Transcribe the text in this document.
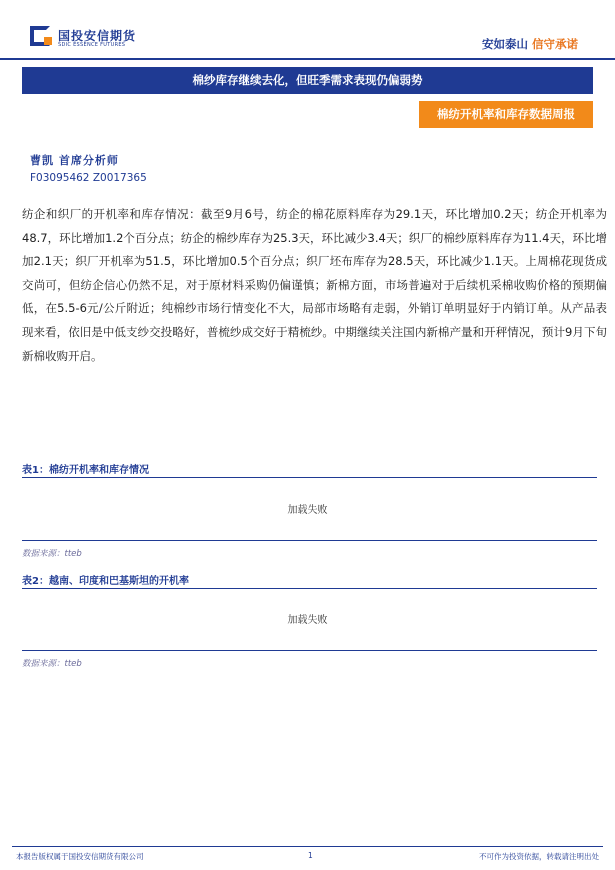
国投安信期货
SDIC ESSENCE FUTURES	安如泰山 信守承诺
棉纱库存继续去化，但旺季需求表现仍偏弱势
棉纺开机率和库存数据周报
曹凯 首席分析师
F03095462 Z0017365
纺企和织厂的开机率和库存情况：截至9月6号，纺企的棉花原料库存为29.1天，环比增加0.2天；纺企开机率为48.7，环比增加1.2个百分点；纺企的棉纱库存为25.3天，环比减少3.4天；织厂的棉纱原料库存为11.4天，环比增加2.1天；织厂开机率为51.5，环比增加0.5个百分点；织厂坯布库存为28.5天，环比减少1.1天。上周棉花现货成交尚可，但纺企信心仍然不足，对于原材料采购仍偏谨慎；新棉方面，市场普遍对于后续机采棉收购价格的预期偏低，在5.5-6元/公斤附近；纯棉纱市场行情变化不大，局部市场略有走弱，外销订单明显好于内销订单。从产品表现来看，依旧是中低支纱交投略好，普梳纱成交好于精梳纱。中期继续关注国内新棉产量和开秤情况，预计9月下旬新棉收购开启。
表1：棉纺开机率和库存情况
加载失败
数据来源：tteb
表2：越南、印度和巴基斯坦的开机率
加载失败
数据来源：tteb
本报告版权属于国投安信期货有限公司	1	不可作为投资依据，转载请注明出处
